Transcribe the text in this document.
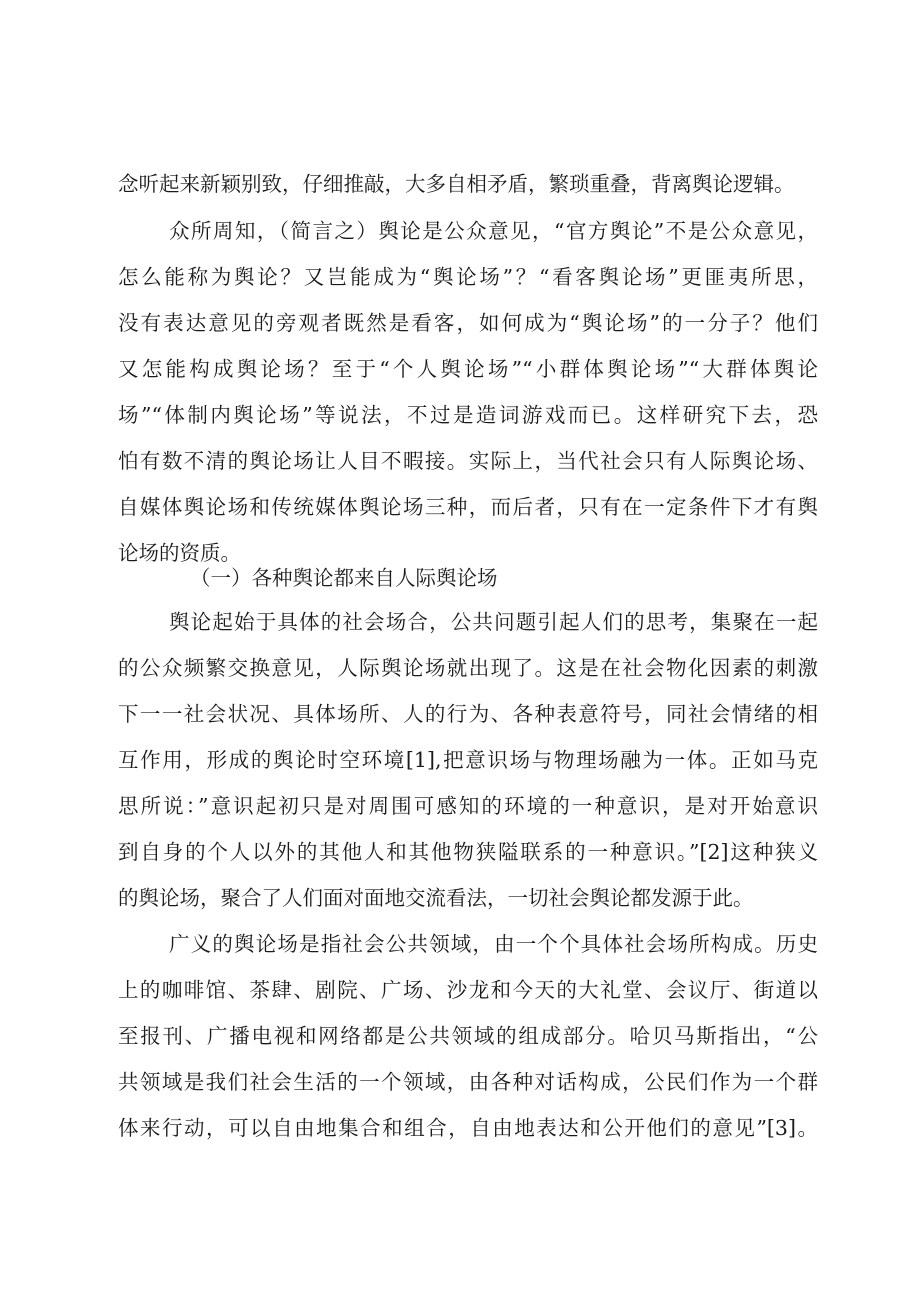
念听起来新颖别致，仔细推敲，大多自相矛盾，繁琐重叠，背离舆论逻辑。
众所周知，（简言之）舆论是公众意见，“官方舆论”不是公众意见，
怎么能称为舆论？又岂能成为“舆论场”？“看客舆论场”更匪夷所思，
没有表达意见的旁观者既然是看客，如何成为“舆论场”的一分子？他们
又怎能构成舆论场？至于“个人舆论场”“小群体舆论场”“大群体舆论
场”“体制内舆论场”等说法，不过是造词游戏而已。这样研究下去，恐
怕有数不清的舆论场让人目不暇接。实际上，当代社会只有人际舆论场、
自媒体舆论场和传统媒体舆论场三种，而后者，只有在一定条件下才有舆
论场的资质。
（一）各种舆论都来自人际舆论场
舆论起始于具体的社会场合，公共问题引起人们的思考，集聚在一起
的公众频繁交换意见，人际舆论场就出现了。这是在社会物化因素的刺激
下一一社会状况、具体场所、人的行为、各种表意符号，同社会情绪的相
互作用，形成的舆论时空环境[1],把意识场与物理场融为一体。正如马克
思所说：”意识起初只是对周围可感知的环境的一种意识，是对开始意识
到自身的个人以外的其他人和其他物狭隘联系的一种意识。”[2]这种狭义
的舆论场，聚合了人们面对面地交流看法，一切社会舆论都发源于此。
广义的舆论场是指社会公共领域，由一个个具体社会场所构成。历史
上的咖啡馆、茶肆、剧院、广场、沙龙和今天的大礼堂、会议厅、街道以
至报刊、广播电视和网络都是公共领域的组成部分。哈贝马斯指出，“公
共领域是我们社会生活的一个领域，由各种对话构成，公民们作为一个群
体来行动，可以自由地集合和组合，自由地表达和公开他们的意见”[3]。
